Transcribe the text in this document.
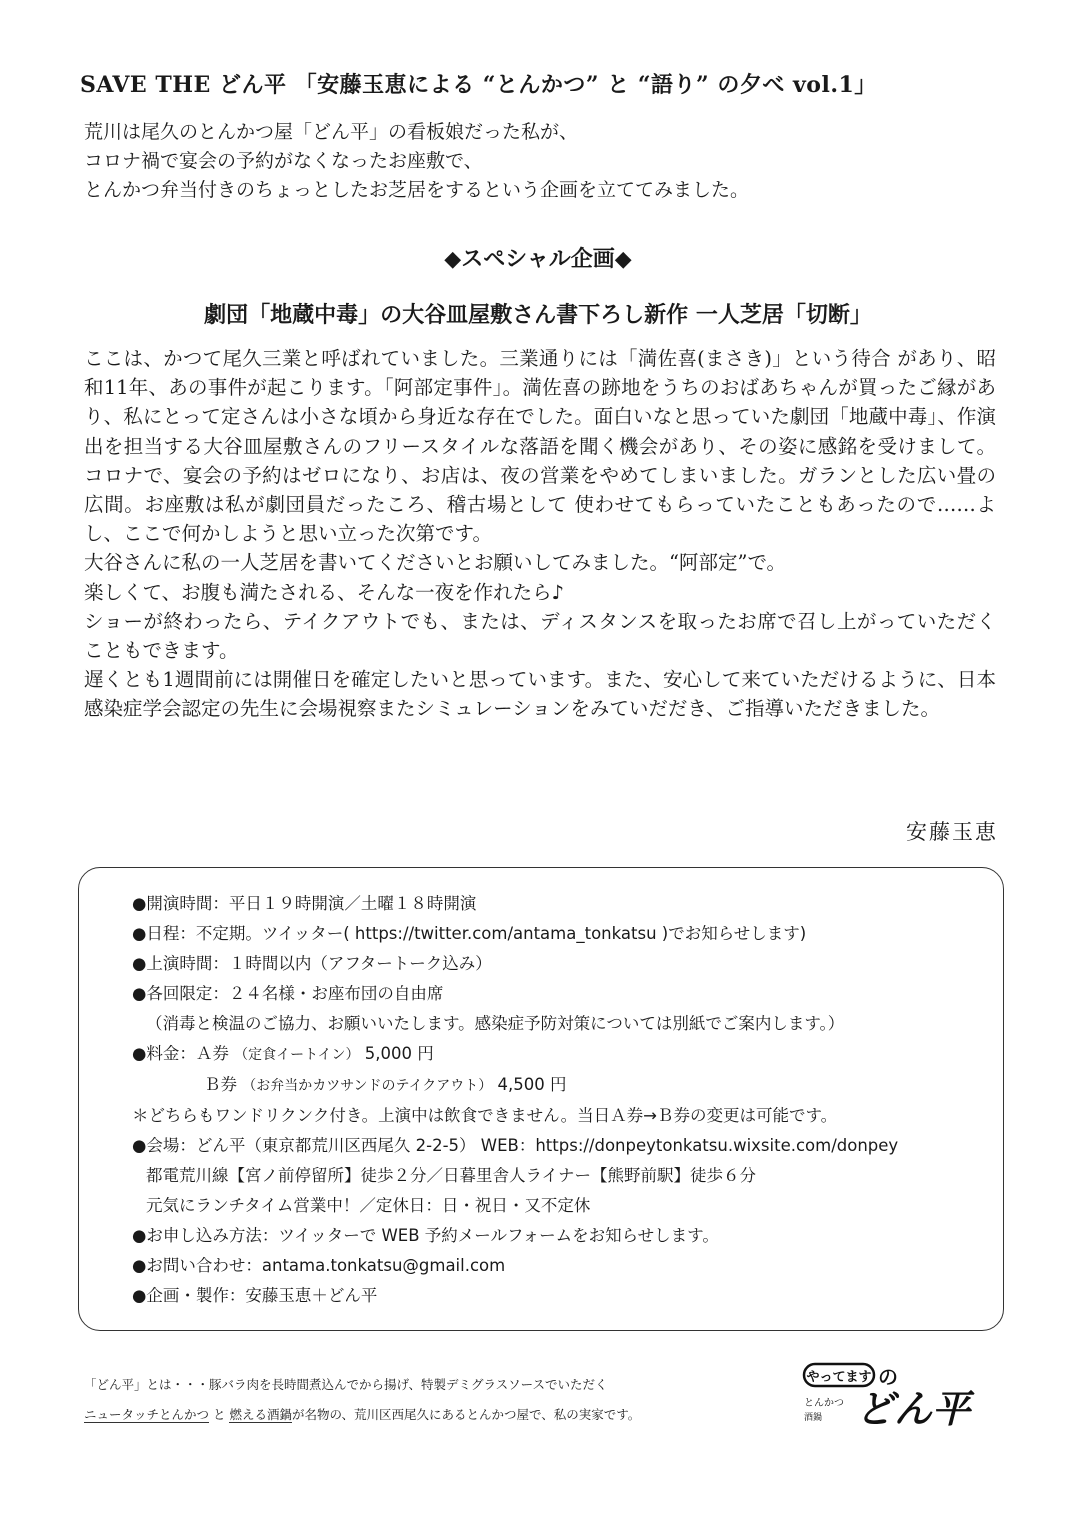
SAVE THE どん平 「安藤玉恵による “とんかつ” と “語り” の夕べ vol.1」
荒川は尾久のとんかつ屋「どん平」の看板娘だった私が、
コロナ禍で宴会の予約がなくなったお座敷で、
とんかつ弁当付きのちょっとしたお芝居をするという企画を立ててみました。
◆スペシャル企画◆
劇団「地蔵中毒」の大谷皿屋敷さん書下ろし新作 一人芝居「切断」

ここは、かつて尾久三業と呼ばれていました。三業通りには「満佐喜(まさき)」という待合 があり、昭和11年、あの事件が起こります。「阿部定事件」。満佐喜の跡地をうちのおばあちゃんが買ったご縁があり、私にとって定さんは小さな頃から身近な存在でした。面白いなと思っていた劇団「地蔵中毒」、作演出を担当する大谷皿屋敷さんのフリースタイルな落語を聞く機会があり、その姿に感銘を受けまして。コロナで、宴会の予約はゼロになり、お店は、夜の営業をやめてしまいました。ガランとした広い畳の広間。お座敷は私が劇団員だったころ、稽古場として 使わせてもらっていたこともあったので……よし、ここで何かしようと思い立った次第です。

大谷さんに私の一人芝居を書いてくださいとお願いしてみました。“阿部定”で。

楽しくて、お腹も満たされる、そんな一夜を作れたら♪

ショーが終わったら、テイクアウトでも、または、ディスタンスを取ったお席で召し上がっていただくこともできます。

遅くとも1週間前には開催日を確定したいと思っています。また、安心して来ていただけるように、日本感染症学会認定の先生に会場視察またシミュレーションをみていだだき、ご指導いただきました。

安藤玉恵
●開演時間：平日１９時開演／土曜１８時開演
●日程：不定期。ツイッター( https://twitter.com/antama_tonkatsu )でお知らせします)
●上演時間：１時間以内（アフタートーク込み）
●各回限定：２４名様・お座布団の自由席
（消毒と検温のご協力、お願いいたします。感染症予防対策については別紙でご案内します。）
●料金：Ａ券 （定食イートイン） 5,000 円
Ｂ券 （お弁当かカツサンドのテイクアウト） 4,500 円
＊どちらもワンドリクンク付き。上演中は飲食できません。当日Ａ券→Ｂ券の変更は可能です。
●会場：どん平（東京都荒川区西尾久 2-2-5） WEB：https://donpeytonkatsu.wixsite.com/donpey
都電荒川線【宮ノ前停留所】徒歩２分／日暮里舎人ライナー【熊野前駅】徒歩６分
元気にランチタイム営業中！／定休日：日・祝日・又不定休
●お申し込み方法：ツイッターで WEB 予約メールフォームをお知らせします。
●お問い合わせ：antama.tonkatsu@gmail.com
●企画・製作：安藤玉恵＋どん平
「どん平」とは・・・豚バラ肉を長時間煮込んでから揚げ、特製デミグラスソースでいただく
ニュータッチとんかつ と 燃える酒鍋が名物の、荒川区西尾久にあるとんかつ屋で、私の実家です。
やってます の
とんかつ
酒鍋 どん平
